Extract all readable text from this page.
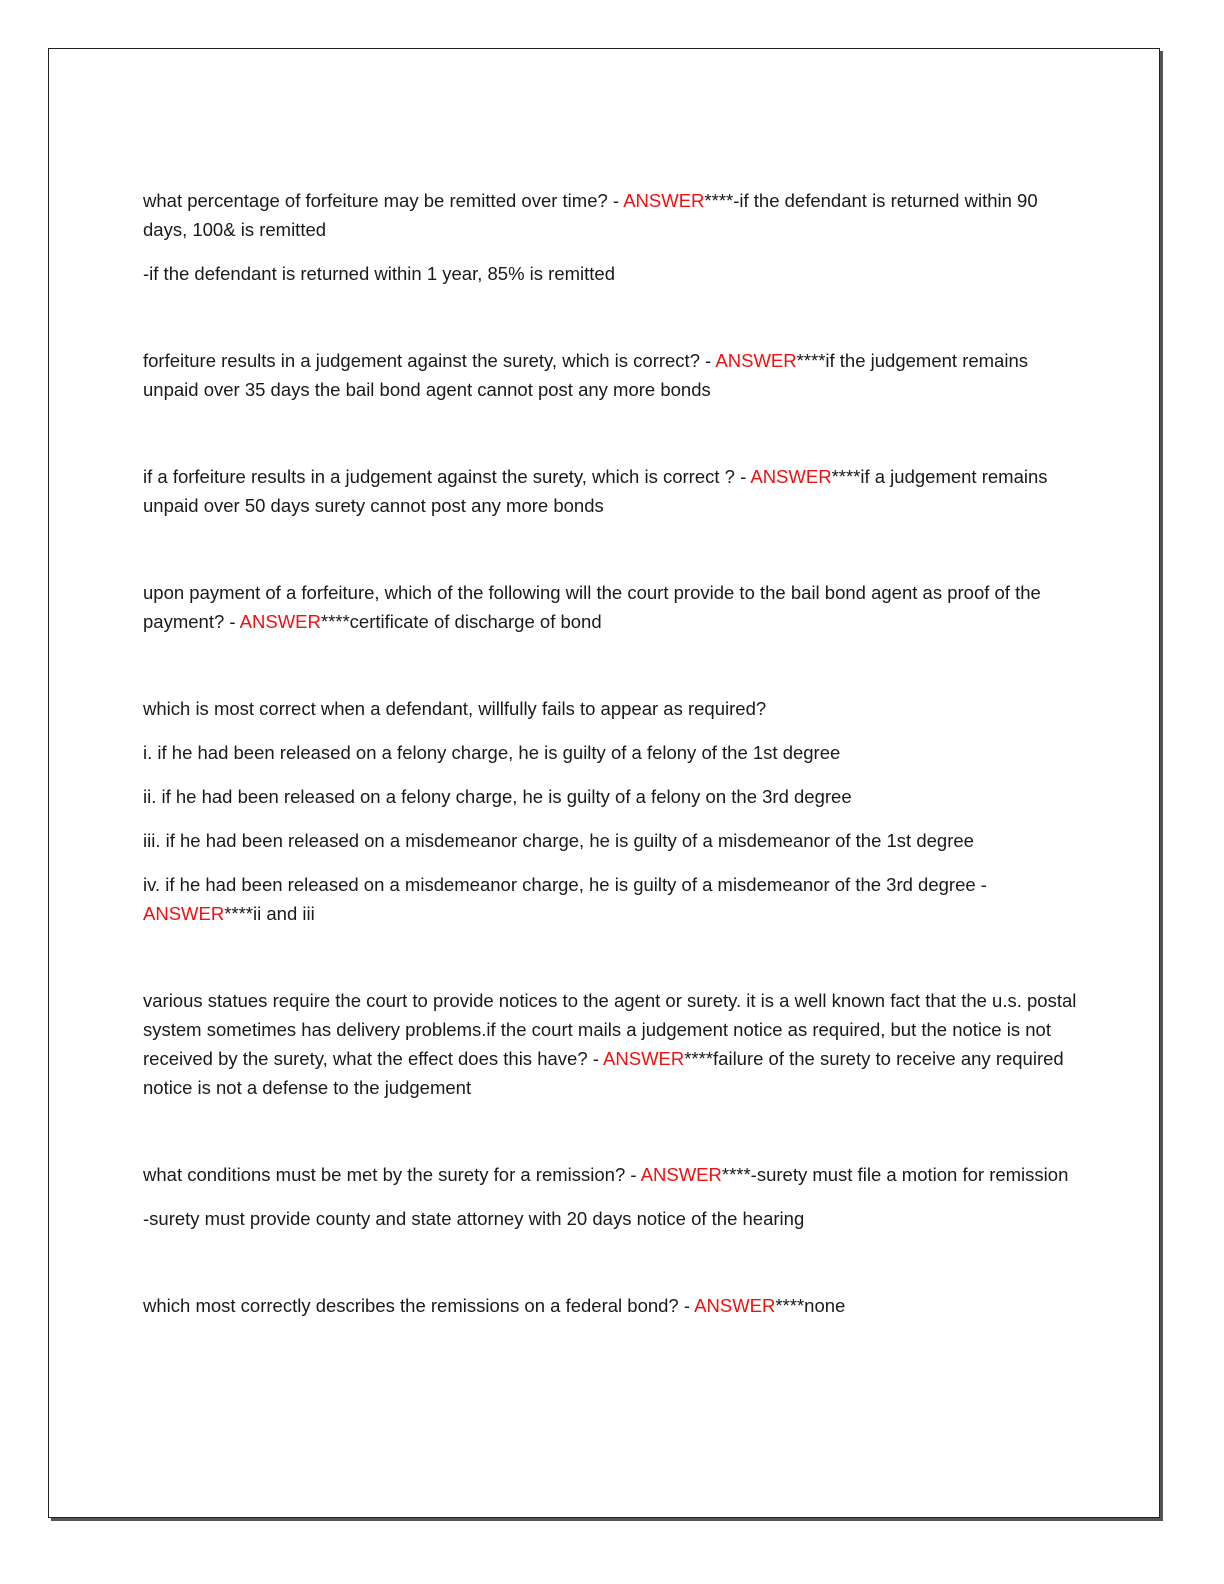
what percentage of forfeiture may be remitted over time? - ANSWER****-if the defendant is returned within 90 days, 100& is remitted

-if the defendant is returned within 1 year, 85% is remitted

forfeiture results in a judgement against the surety, which is correct? - ANSWER****if the judgement remains unpaid over 35 days the bail bond agent cannot post any more bonds

if a forfeiture results in a judgement against the surety, which is correct ? - ANSWER****if a judgement remains unpaid over 50 days surety cannot post any more bonds

upon payment of a forfeiture, which of the following will the court provide to the bail bond agent as proof of the payment? - ANSWER****certificate of discharge of bond

which is most correct when a defendant, willfully fails to appear as required?

i. if he had been released on a felony charge, he is guilty of a felony of the 1st degree

ii. if he had been released on a felony charge, he is guilty of a felony on the 3rd degree

iii. if he had been released on a misdemeanor charge, he is guilty of a misdemeanor of the 1st degree

iv. if he had been released on a misdemeanor charge, he is guilty of a misdemeanor of the 3rd degree - ANSWER****ii and iii

various statues require the court to provide notices to the agent or surety. it is a well known fact that the u.s. postal system sometimes has delivery problems.if the court mails a judgement notice as required, but the notice is not received by the surety, what the effect does this have? - ANSWER****failure of the surety to receive any required notice is not a defense to the judgement

what conditions must be met by the surety for a remission? - ANSWER****-surety must file a motion for remission

-surety must provide county and state attorney with 20 days notice of the hearing

which most correctly describes the remissions on a federal bond? - ANSWER****none
